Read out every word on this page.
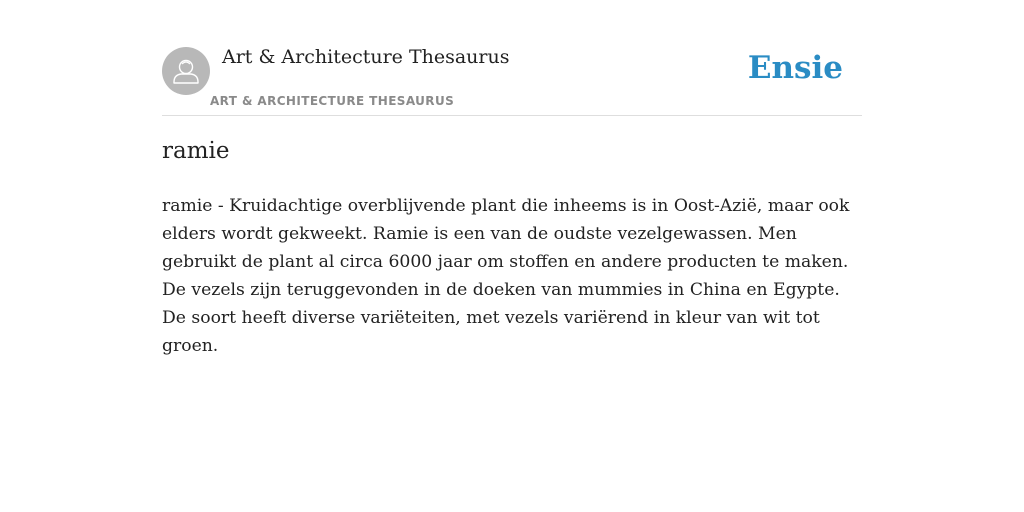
Art & Architecture Thesaurus
ART & ARCHITECTURE THESAURUS
Ensie
ramie

ramie - Kruidachtige overblijvende plant die inheems is in Oost-Azië, maar ook elders wordt gekweekt. Ramie is een van de oudste vezelgewassen. Men gebruikt de plant al circa 6000 jaar om stoffen en andere producten te maken. De vezels zijn teruggevonden in de doeken van mummies in China en Egypte. De soort heeft diverse variëteiten, met vezels variërend in kleur van wit tot groen.
